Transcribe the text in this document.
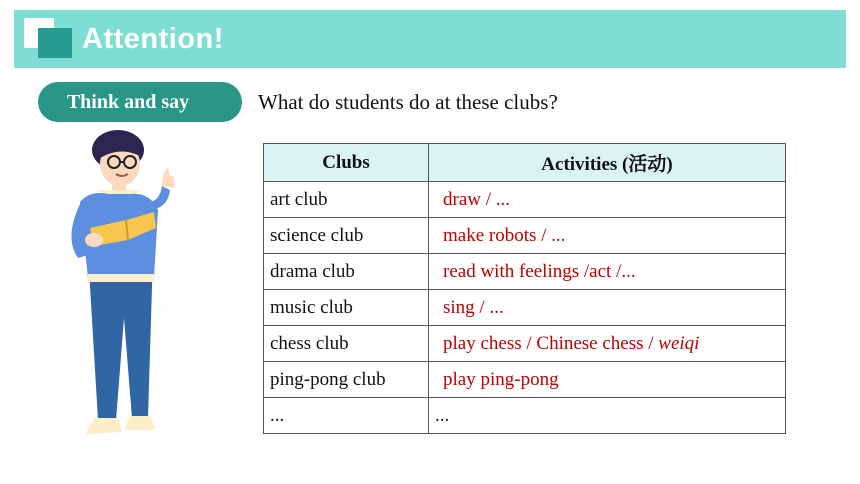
Attention!
Think and say	What do students do at these clubs?
Clubs	Activities (活动)
art club	draw / ...
science club	make robots / ...
drama club	read with feelings /act /...
music club	sing / ...
chess club	play chess / Chinese chess / weiqi
ping-pong club	play ping-pong
...	...
